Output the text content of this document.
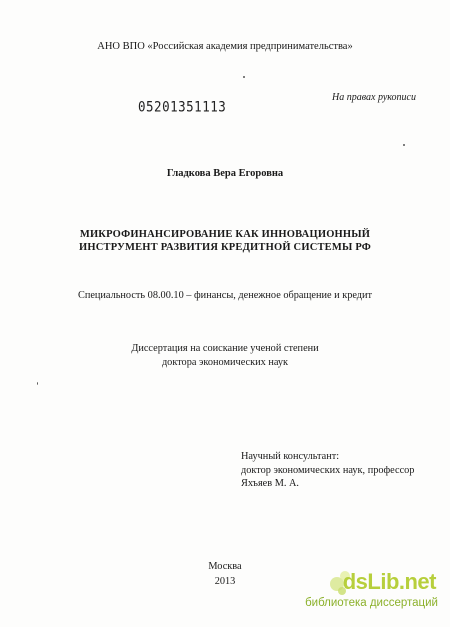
АНО ВПО «Российская академия предпринимательства»
На правах рукописи
05201351113
Гладкова Вера Егоровна
МИКРОФИНАНСИРОВАНИЕ КАК ИННОВАЦИОННЫЙ
ИНСТРУМЕНТ РАЗВИТИЯ КРЕДИТНОЙ СИСТЕМЫ РФ
Специальность 08.00.10 – финансы, денежное обращение и кредит
Диссертация на соискание ученой степени
доктора экономических наук
Научный консультант:
доктор экономических наук, профессор
Яхъяев М. А.
Москва
2013	dsLib.net
библиотека диссертаций
